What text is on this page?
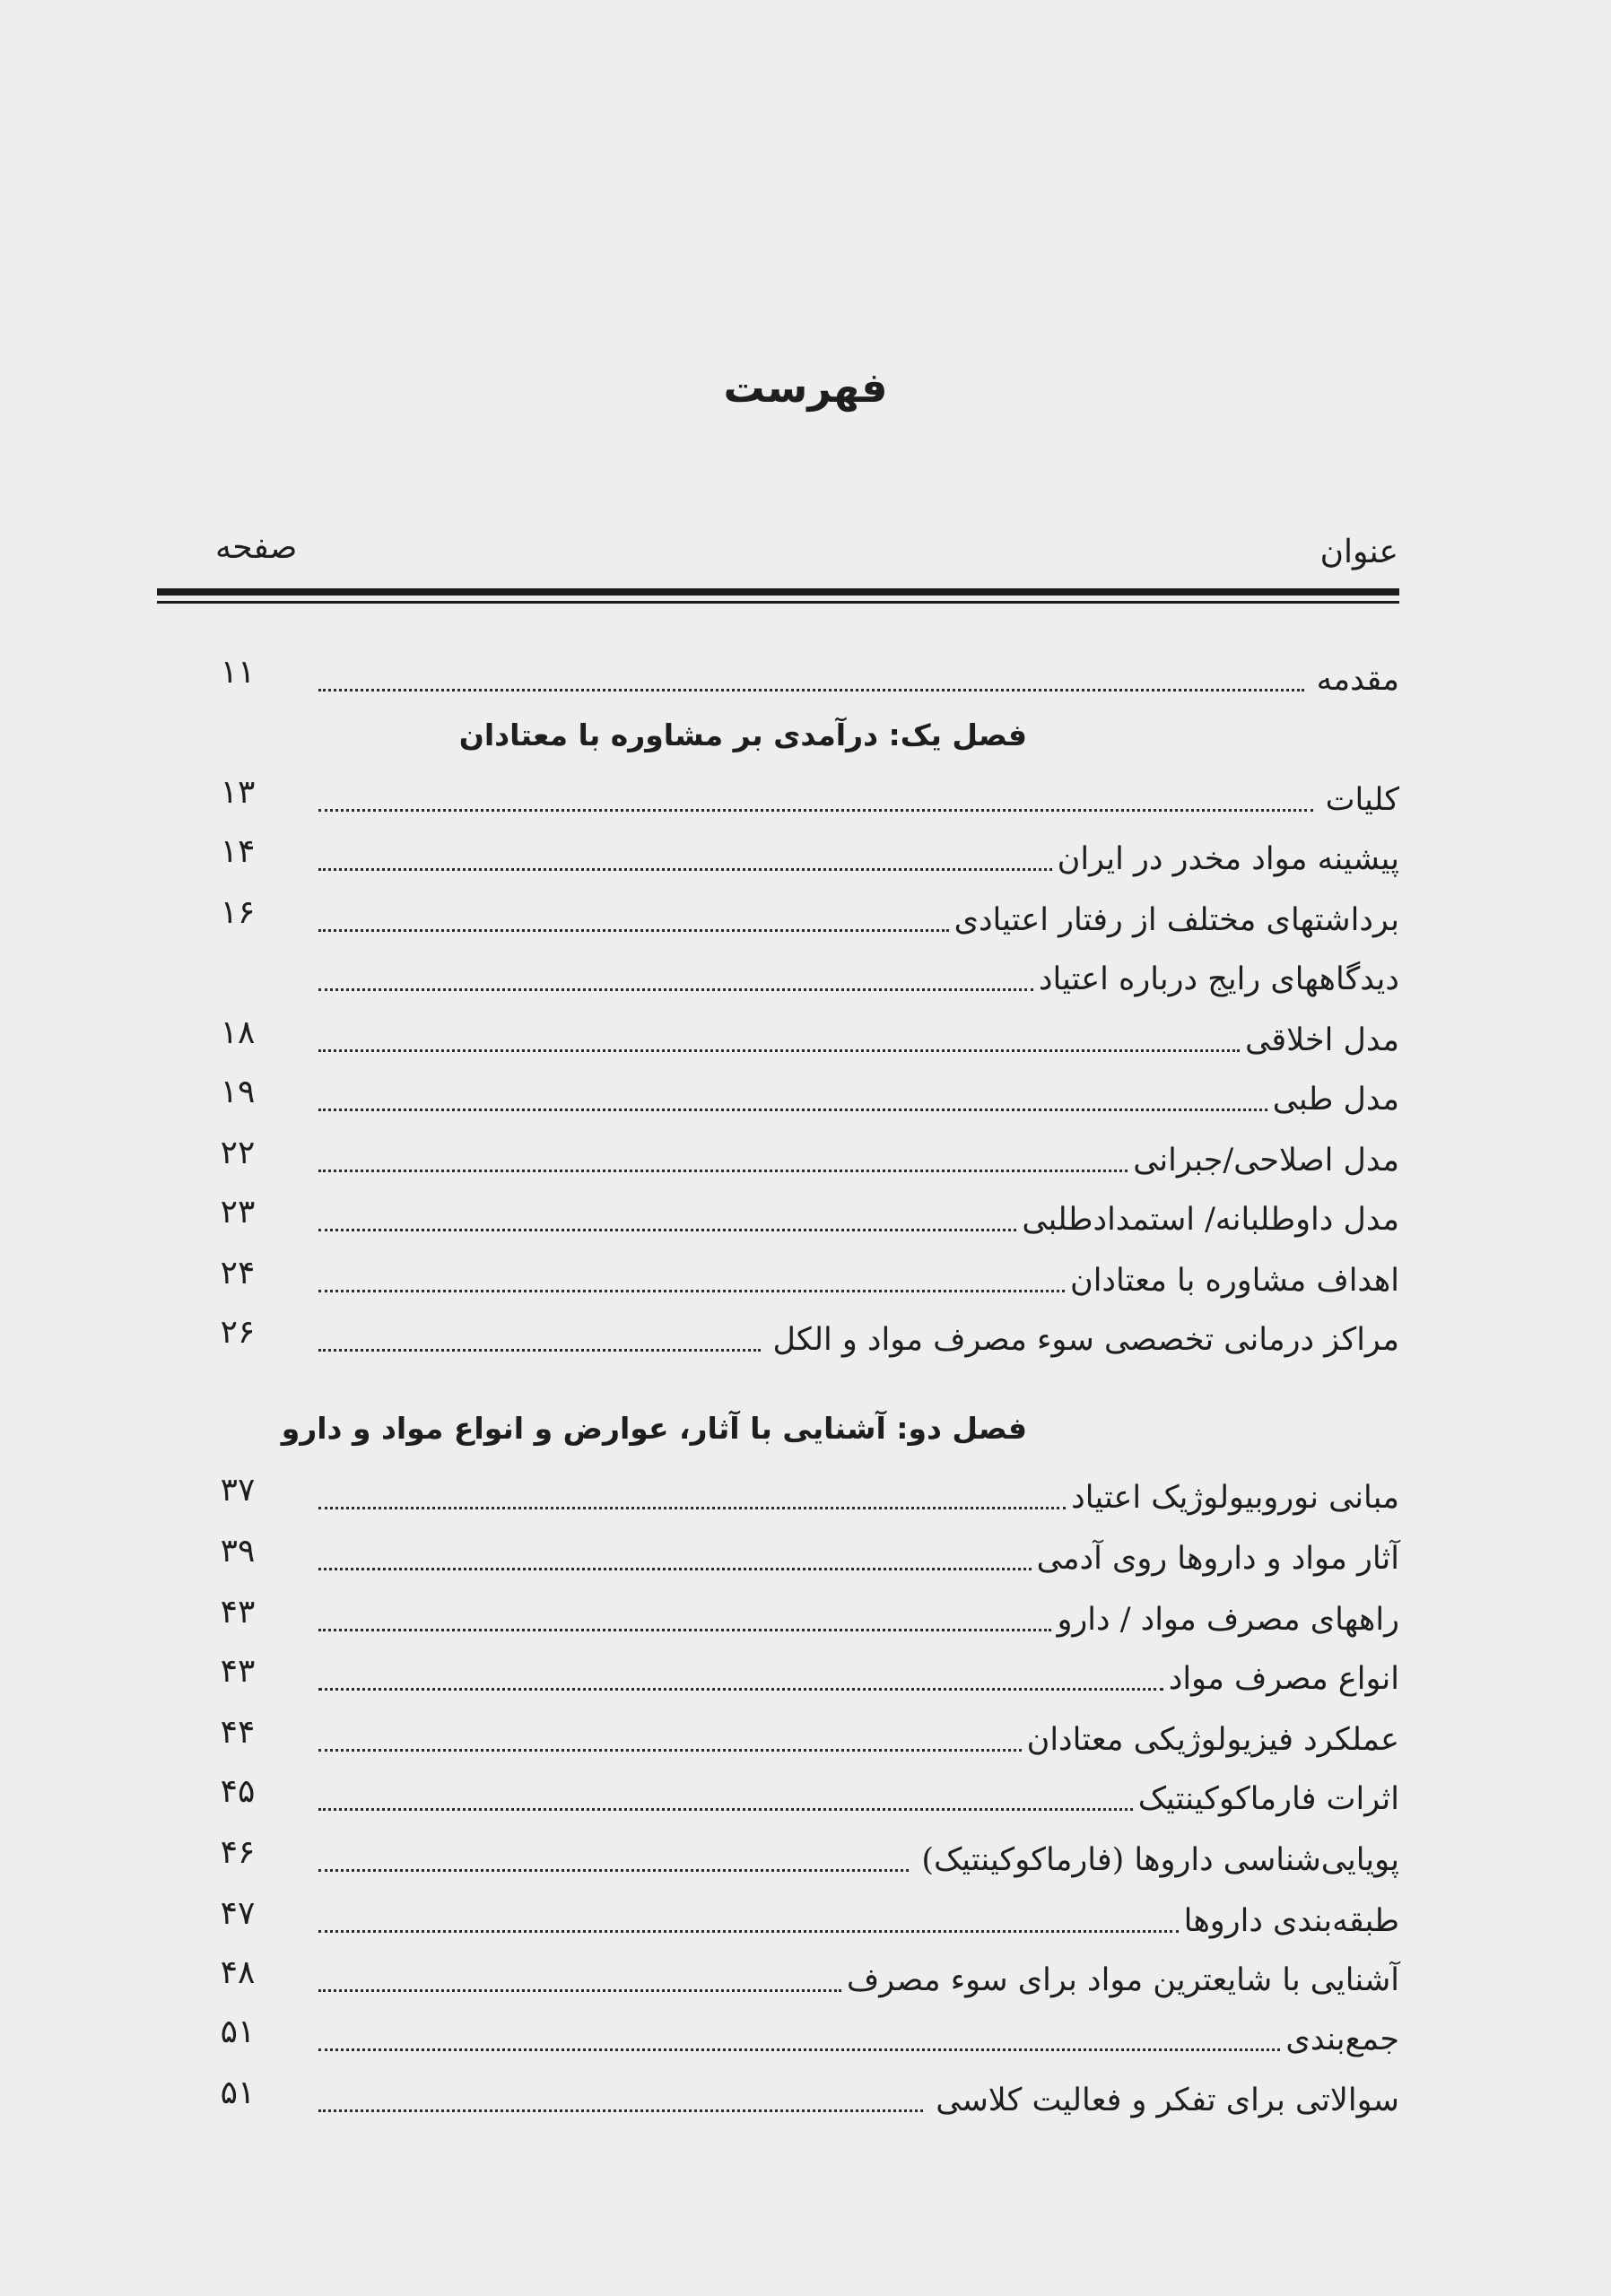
فهرست
عنوان
صفحه
مقدمه
۱۱
فصل یک: درآمدی بر مشاوره با معتادان
کلیات
۱۳
پیشینه مواد مخدر در ایران
۱۴
برداشتهای مختلف از رفتار اعتیادی
۱۶
دیدگاههای رایج درباره اعتیاد
مدل اخلاقی
۱۸
مدل طبی
۱۹
مدل اصلاحی/جبرانی
۲۲
مدل داوطلبانه/ استمدادطلبی
۲۳
اهداف مشاوره با معتادان
۲۴
مراکز درمانی تخصصی سوء مصرف مواد و الکل
۲۶
فصل دو: آشنایی با آثار، عوارض و انواع مواد و دارو
مبانی نوروبیولوژیک اعتیاد
۳۷
آثار مواد و داروها روی آدمی
۳۹
راههای مصرف مواد / دارو
۴۳
انواع مصرف مواد
۴۳
عملکرد فیزیولوژیکی معتادان
۴۴
اثرات فارماکوکینتیک
۴۵
پویایی‌شناسی داروها (فارماکوکینتیک)
۴۶
طبقه‌بندی داروها
۴۷
آشنایی با شایعترین مواد برای سوء مصرف
۴۸
جمع‌بندی
۵۱
سوالاتی برای تفکر و فعالیت کلاسی
۵۱
